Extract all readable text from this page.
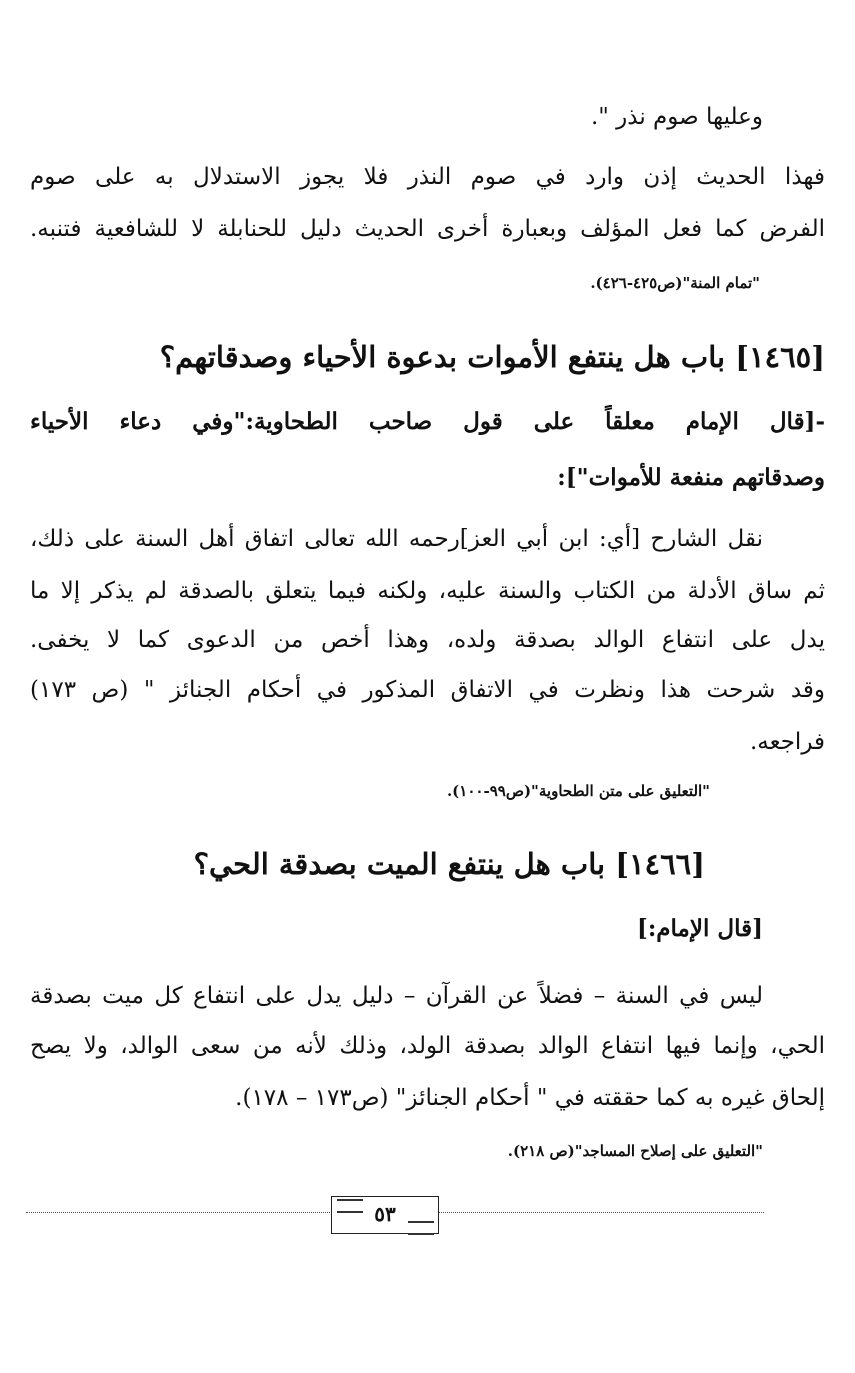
وعليها صوم نذر ".
فهذا الحديث إذن وارد في صوم النذر فلا يجوز الاستدلال به على صوم
الفرض كما فعل المؤلف وبعبارة أخرى الحديث دليل للحنابلة لا للشافعية فتنبه.
"تمام المنة"(ص٤٢٥-٤٢٦).
[١٤٦٥] باب هل ينتفع الأموات بدعوة الأحياء وصدقاتهم؟
-[قال الإمام معلقاً على قول صاحب الطحاوية:"وفي دعاء الأحياء
وصدقاتهم منفعة للأموات"]:
نقل الشارح [أي: ابن أبي العز]رحمه الله تعالى اتفاق أهل السنة على ذلك،
ثم ساق الأدلة من الكتاب والسنة عليه، ولكنه فيما يتعلق بالصدقة لم يذكر إلا ما
يدل على انتفاع الوالد بصدقة ولده، وهذا أخص من الدعوى كما لا يخفى.
وقد شرحت هذا ونظرت في الاتفاق المذكور في أحكام الجنائز " (ص ١٧٣)
فراجعه.
"التعليق على متن الطحاوية"(ص٩٩-١٠٠).
[١٤٦٦] باب هل ينتفع الميت بصدقة الحي؟
[قال الإمام:]
ليس في السنة – فضلاً عن القرآن – دليل يدل على انتفاع كل ميت بصدقة
الحي، وإنما فيها انتفاع الوالد بصدقة الولد، وذلك لأنه من سعى الوالد، ولا يصح
إلحاق غيره به كما حققته في " أحكام الجنائز" (ص١٧٣ – ١٧٨).
"التعليق على إصلاح المساجد"(ص ٢١٨).
٥٣
